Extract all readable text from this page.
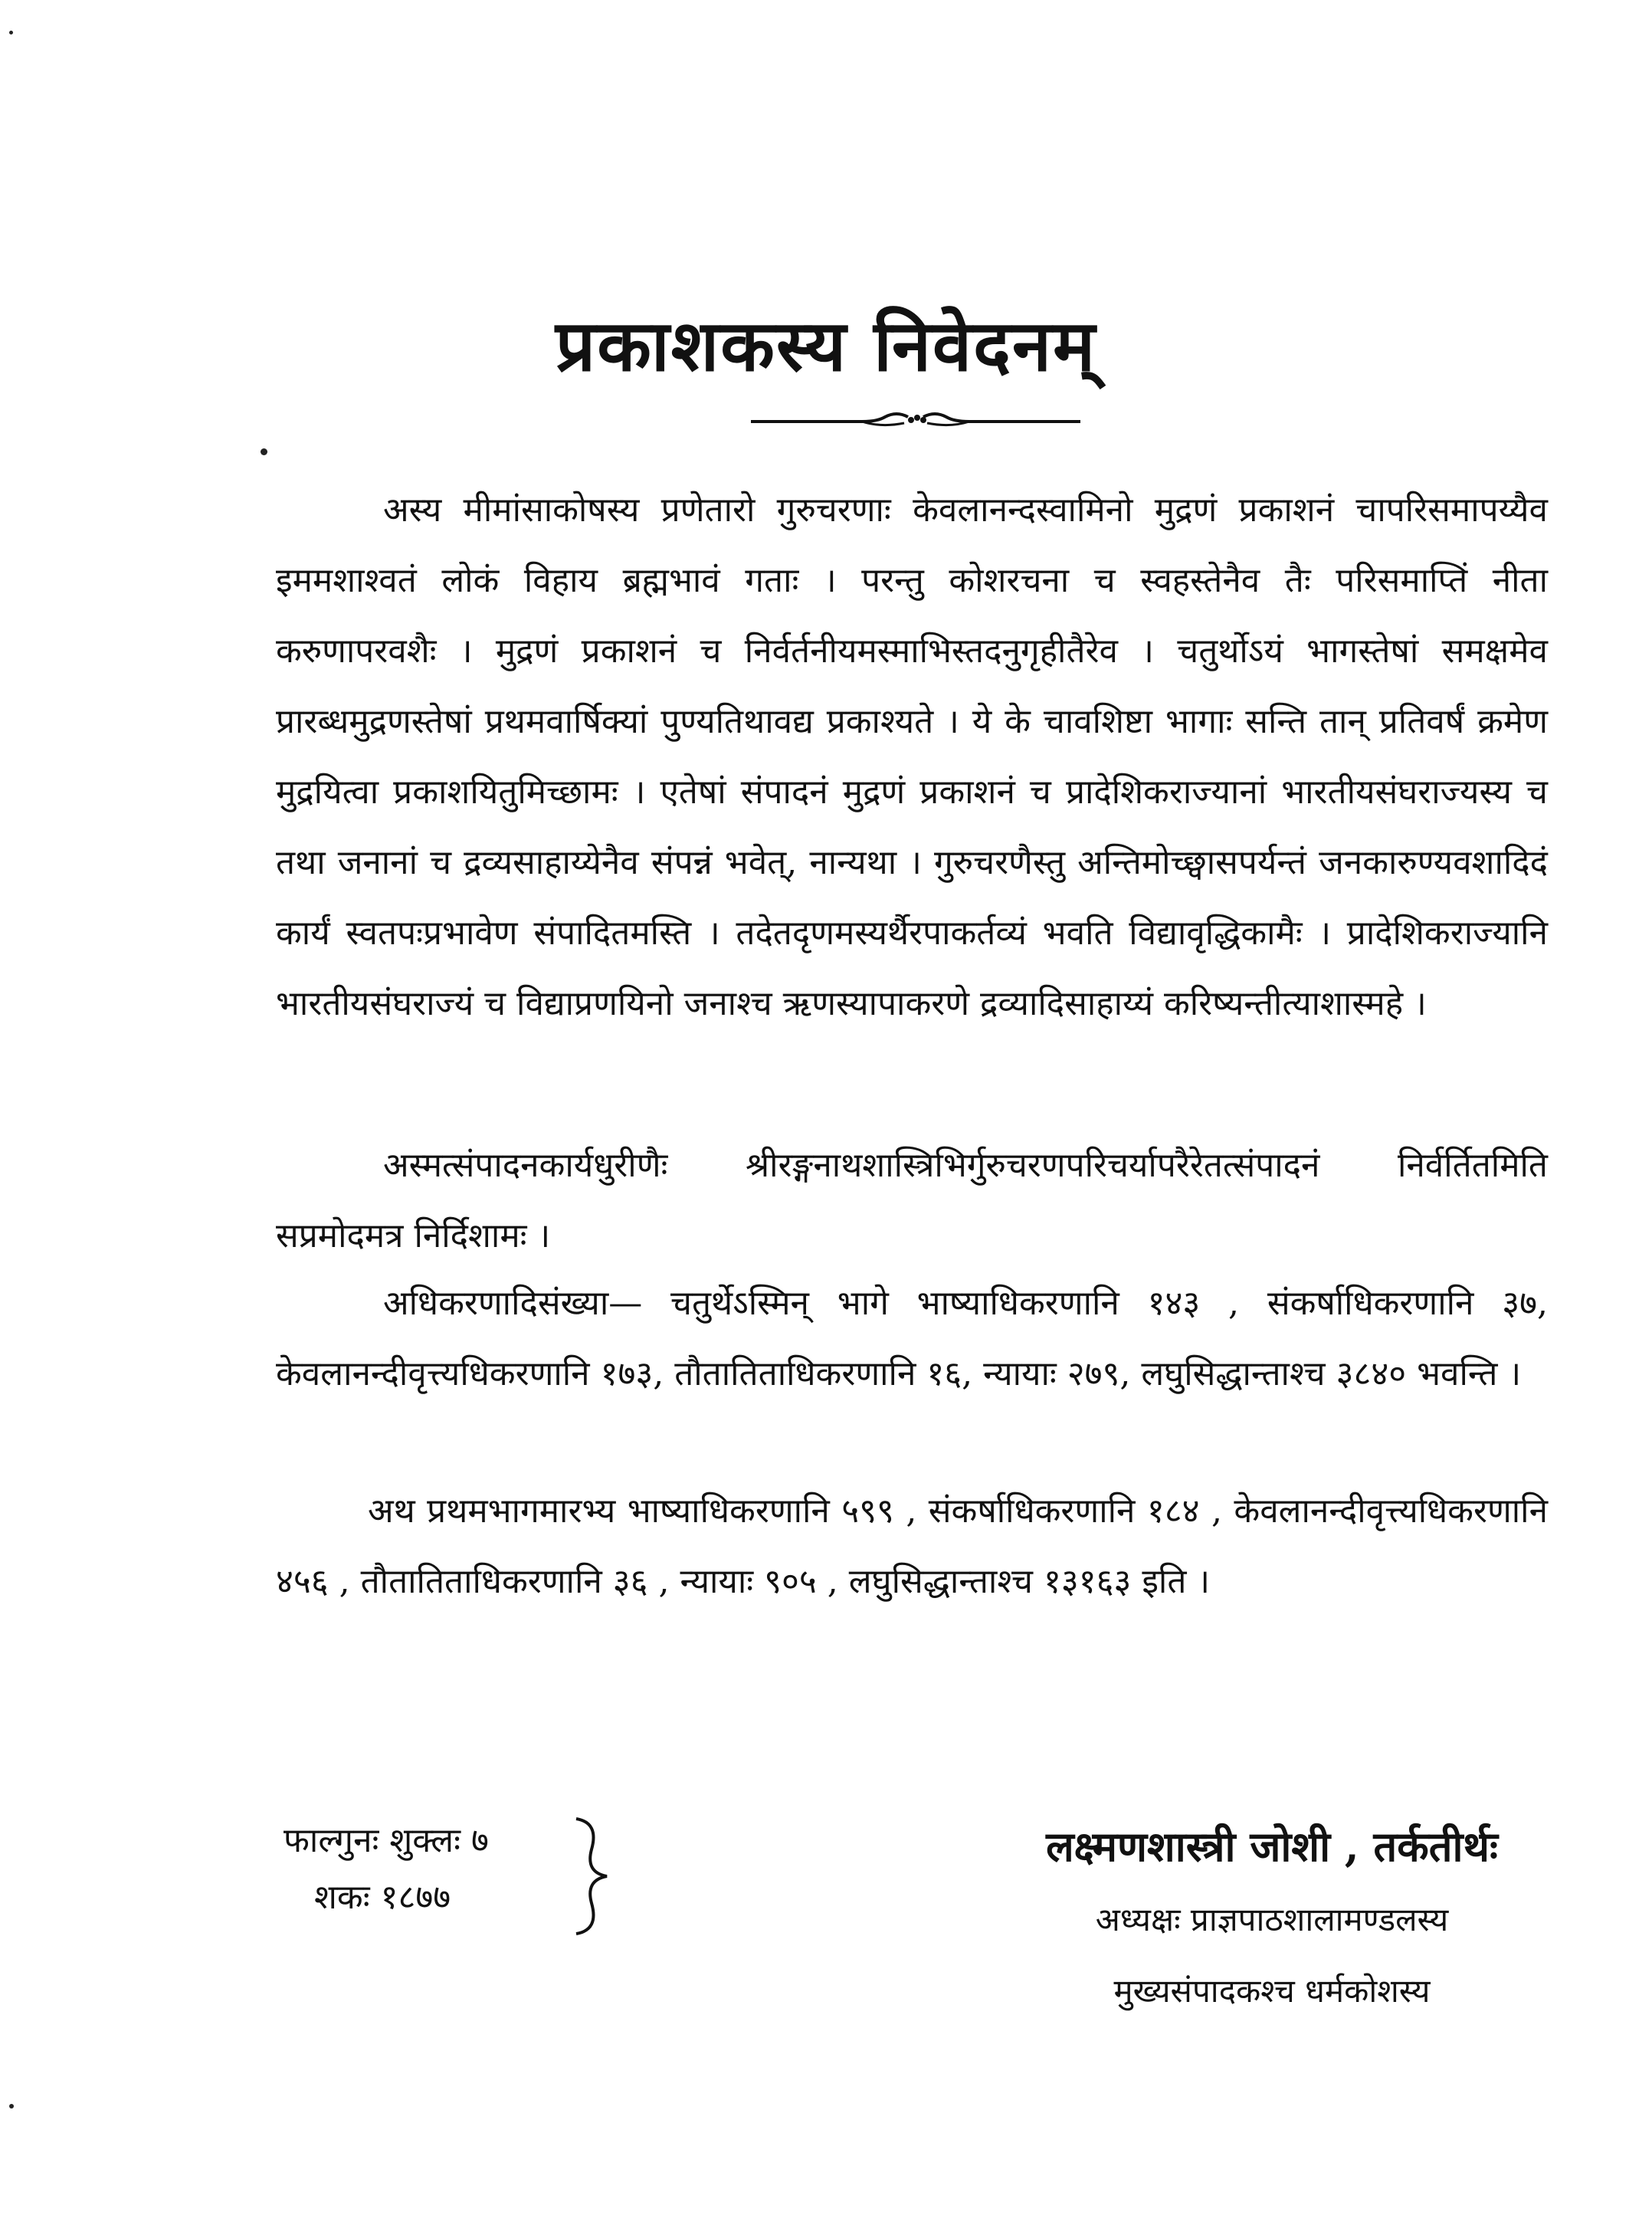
प्रकाशकस्य निवेदनम्
अस्य मीमांसाकोषस्य प्रणेतारो गुरुचरणाः केवलानन्दस्वामिनो मुद्रणं प्रकाशनं चापरिसमापय्यैव इममशाश्वतं लोकं विहाय ब्रह्मभावं गताः । परन्तु कोशरचना च स्वहस्तेनैव तैः परिसमाप्तिं नीता करुणापरवशैः । मुद्रणं प्रकाशनं च निर्वर्तनीयमस्माभिस्तदनुगृहीतैरेव । चतुर्थोऽयं भागस्तेषां समक्षमेव प्रारब्धमुद्रणस्तेषां प्रथमवार्षिक्यां पुण्यतिथावद्य प्रकाश्यते । ये के चावशिष्टा भागाः सन्ति तान् प्रतिवर्षं क्रमेण मुद्रयित्वा प्रकाशयितुमिच्छामः । एतेषां संपादनं मुद्रणं प्रकाशनं च प्रादेशिकराज्यानां भारतीयसंघराज्यस्य च तथा जनानां च द्रव्यसाहाय्येनैव संपन्नं भवेत्, नान्यथा । गुरुचरणैस्तु अन्तिमोच्छ्वासपर्यन्तं जनकारुण्यवशादिदं कार्यं स्वतपःप्रभावेण संपादितमस्ति । तदेतदृणमस्यर्थैरपाकर्तव्यं भवति विद्यावृद्धिकामैः । प्रादेशिकराज्यानि भारतीयसंघराज्यं च विद्याप्रणयिनो जनाश्च ऋणस्यापाकरणे द्रव्यादिसाहाय्यं करिष्यन्तीत्याशास्महे ।
अस्मत्संपादनकार्यधुरीणैः श्रीरङ्गनाथशास्त्रिभिर्गुरुचरणपरिचर्यापरैरेतत्संपादनं निर्वर्तितमिति सप्रमोदमत्र निर्दिशामः ।
अधिकरणादिसंख्या— चतुर्थेऽस्मिन् भागे भाष्याधिकरणानि १४३ , संकर्षाधिकरणानि ३७, केवलानन्दीवृत्त्यधिकरणानि १७३, तौतातिताधिकरणानि १६, न्यायाः २७९, लघुसिद्धान्ताश्च ३८४० भवन्ति ।
अथ प्रथमभागमारभ्य भाष्याधिकरणानि ५९९ , संकर्षाधिकरणानि १८४ , केवलानन्दीवृत्त्यधिकरणानि ४५६ , तौतातिताधिकरणानि ३६ , न्यायाः ९०५ , लघुसिद्धान्ताश्च १३१६३ इति ।
फाल्गुनः शुक्लः ७
शकः १८७७
लक्ष्मणशास्त्री जोशी , तर्कतीर्थः
अध्यक्षः प्राज्ञपाठशालामण्डलस्य
मुख्यसंपादकश्च धर्मकोशस्य
